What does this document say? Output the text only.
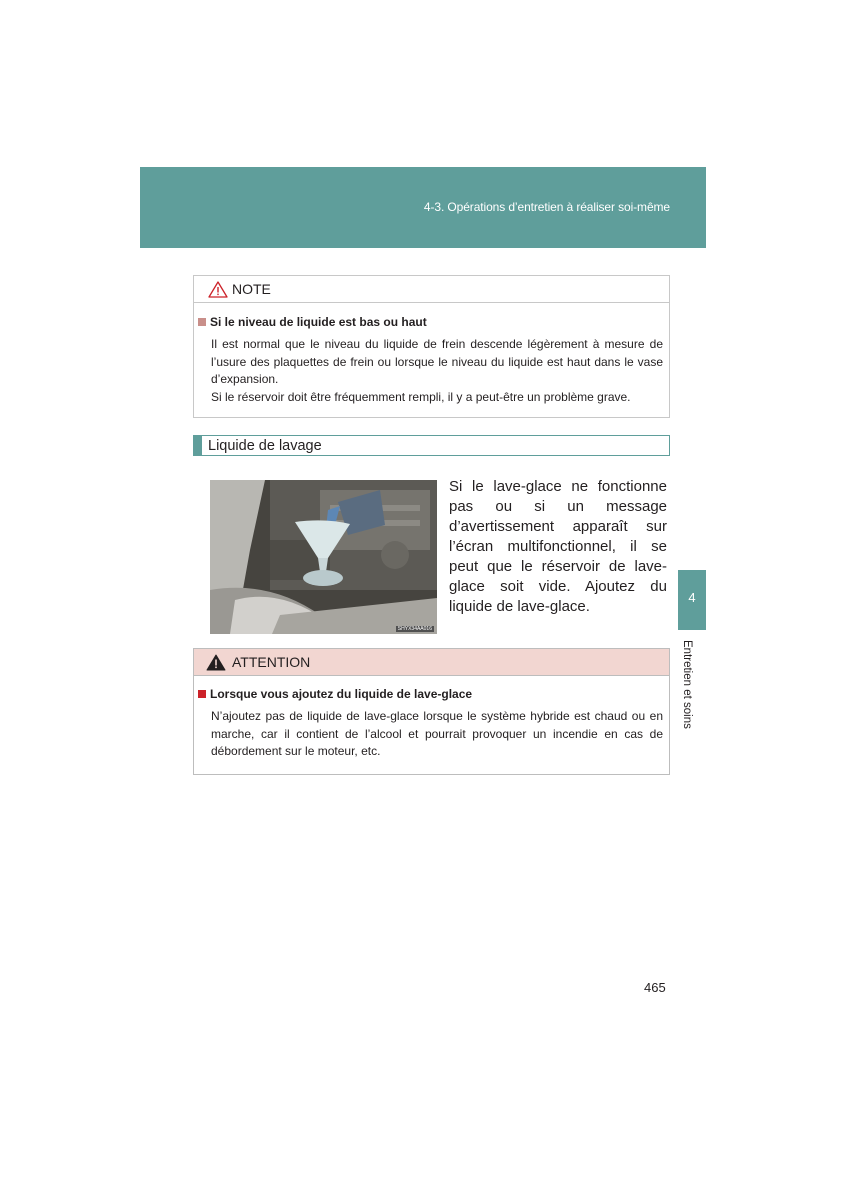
4-3. Opérations d’entretien à réaliser soi-même
4
Entretien et soins
NOTE
Si le niveau de liquide est bas ou haut
Il est normal que le niveau du liquide de frein descende légèrement à mesure de l’usure des plaquettes de frein ou lorsque le niveau du liquide est haut dans le vase d’expansion.
Si le réservoir doit être fréquemment rempli, il y a peut-être un problème grave.
Liquide de lavage
SHYX34AA016
Si le lave-glace ne fonctionne pas ou si un message d’avertissement apparaît sur l’écran multifonctionnel, il se peut que le réservoir de lave-glace soit vide. Ajoutez du liquide de lave-glace.
ATTENTION
Lorsque vous ajoutez du liquide de lave-glace
N’ajoutez pas de liquide de lave-glace lorsque le système hybride est chaud ou en marche, car il contient de l’alcool et pourrait provoquer un incendie en cas de débordement sur le moteur, etc.
465
